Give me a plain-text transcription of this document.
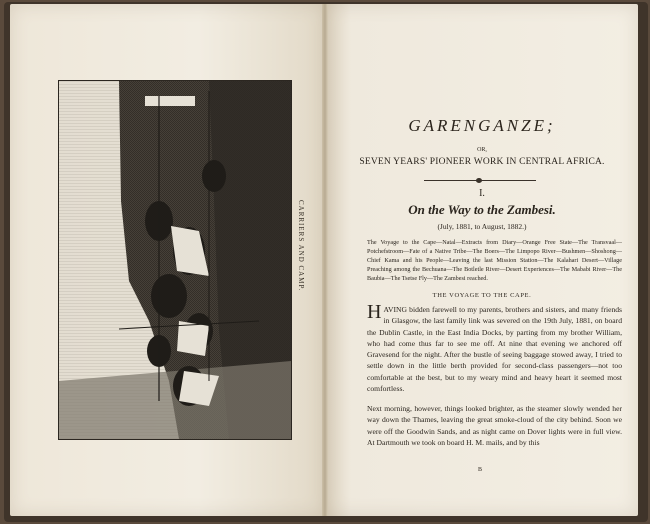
CARRIERS AND CAMP.
GARENGANZE;
OR,
SEVEN YEARS' PIONEER WORK IN CENTRAL AFRICA.
I.
On the Way to the Zambesi.
(July, 1881, to August, 1882.)
The Voyage to the Cape—Natal—Extracts from Diary—Orange Free State—The Transvaal—Potchefstroom—Fate of a Native Tribe—The Boers—The Limpopo River—Bushmen—Shoshong—Chief Kama and his People—Leaving the last Mission Station—The Kalahari Desert—Village Preaching among the Bechuana—The Botletle River—Desert Experiences—The Mababi River—The Baubia—The Tsetse Fly—The Zambesi reached.
THE VOYAGE TO THE CAPE.
H AVING bidden farewell to my parents, brothers and sisters, and many friends in Glasgow, the last family link was severed on the 19th July, 1881, on board the Dublin Castle, in the East India Docks, by parting from my brother William, who had come thus far to see me off. At nine that evening we anchored off Gravesend for the night. After the bustle of seeing baggage stowed away, I tried to settle down in the little berth provided for second-class passengers—not too comfortable at the best, but to my weary mind and heavy heart it seemed most comfortless.
Next morning, however, things looked brighter, as the steamer slowly wended her way down the Thames, leaving the great smoke-cloud of the city behind. Soon we were off the Goodwin Sands, and as night came on Dover lights were in full view. At Dartmouth we took on board H. M. mails, and by this
B
